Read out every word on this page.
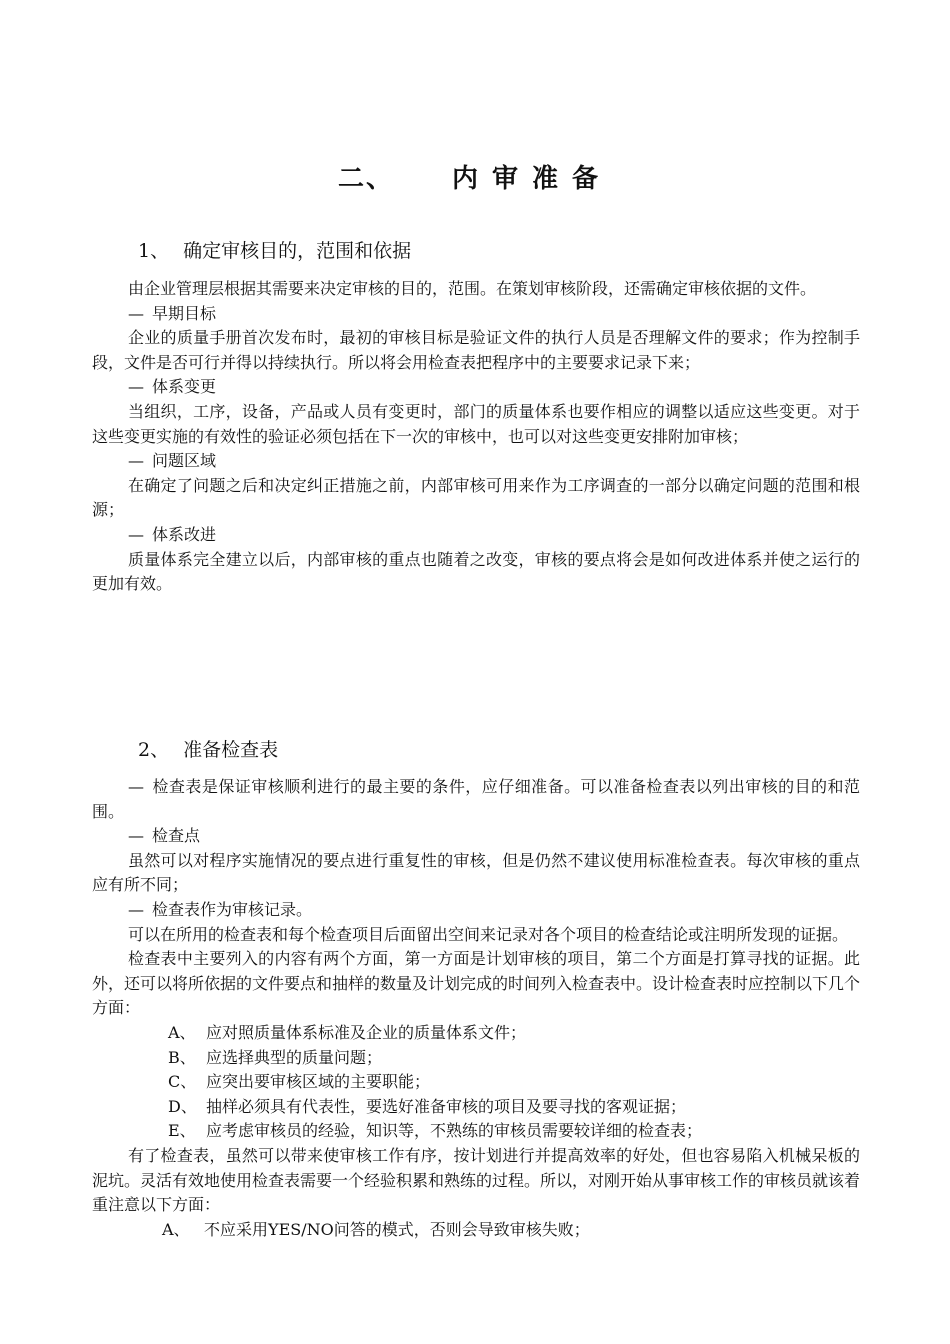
二、 内审准备
1、 确定审核目的，范围和依据

由企业管理层根据其需要来决定审核的目的，范围。在策划审核阶段，还需确定审核依据的文件。

— 早期目标

企业的质量手册首次发布时，最初的审核目标是验证文件的执行人员是否理解文件的要求；作为控制手段，文件是否可行并得以持续执行。所以将会用检查表把程序中的主要要求记录下来；

— 体系变更

当组织，工序，设备，产品或人员有变更时，部门的质量体系也要作相应的调整以适应这些变更。对于这些变更实施的有效性的验证必须包括在下一次的审核中，也可以对这些变更安排附加审核；

— 问题区域

在确定了问题之后和决定纠正措施之前，内部审核可用来作为工序调查的一部分以确定问题的范围和根源；

— 体系改进

质量体系完全建立以后，内部审核的重点也随着之改变，审核的要点将会是如何改进体系并使之运行的更加有效。

2、 准备检查表

— 检查表是保证审核顺利进行的最主要的条件，应仔细准备。可以准备检查表以列出审核的目的和范围。

— 检查点

虽然可以对程序实施情况的要点进行重复性的审核，但是仍然不建议使用标准检查表。每次审核的重点应有所不同；

— 检查表作为审核记录。

可以在所用的检查表和每个检查项目后面留出空间来记录对各个项目的检查结论或注明所发现的证据。

检查表中主要列入的内容有两个方面，第一方面是计划审核的项目，第二个方面是打算寻找的证据。此外，还可以将所依据的文件要点和抽样的数量及计划完成的时间列入检查表中。设计检查表时应控制以下几个方面：

A、 应对照质量体系标准及企业的质量体系文件；

B、 应选择典型的质量问题；

C、 应突出要审核区域的主要职能；

D、 抽样必须具有代表性，要选好准备审核的项目及要寻找的客观证据；

E、 应考虑审核员的经验，知识等，不熟练的审核员需要较详细的检查表；

有了检查表，虽然可以带来使审核工作有序，按计划进行并提高效率的好处，但也容易陷入机械呆板的泥坑。灵活有效地使用检查表需要一个经验积累和熟练的过程。所以，对刚开始从事审核工作的审核员就该着重注意以下方面：

A、 不应采用YES/NO问答的模式，否则会导致审核失败；
